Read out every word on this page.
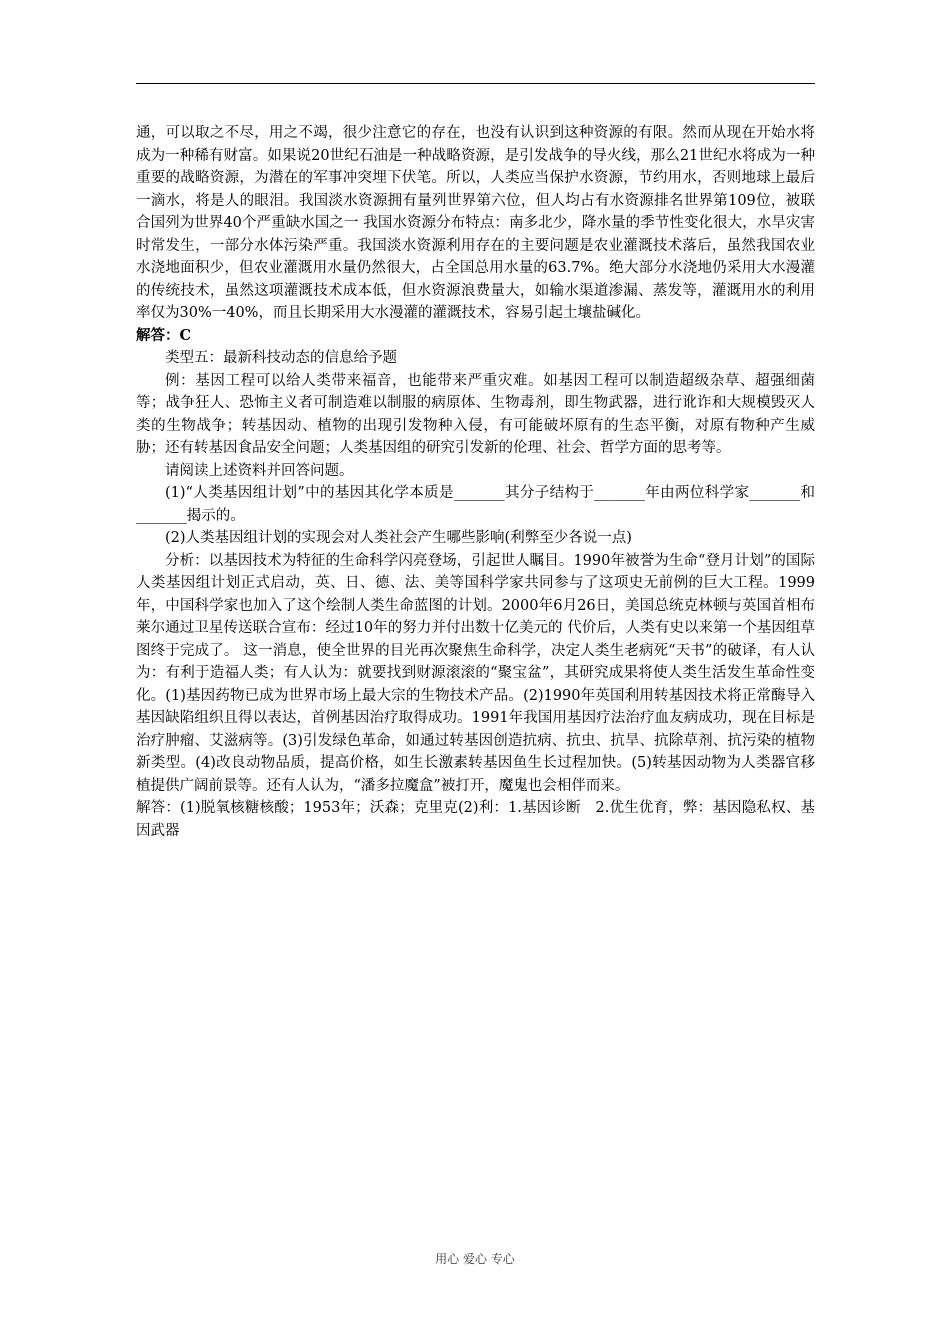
通，可以取之不尽，用之不竭，很少注意它的存在，也没有认识到这种资源的有限。然而从现在开始水将成为一种稀有财富。如果说20世纪石油是一种战略资源，是引发战争的导火线，那么21世纪水将成为一种重要的战略资源，为潜在的军事冲突埋下伏笔。所以，人类应当保护水资源，节约用水，否则地球上最后一滴水，将是人的眼泪。我国淡水资源拥有量列世界第六位，但人均占有水资源排名世界第109位，被联合国列为世界40个严重缺水国之一 我国水资源分布特点：南多北少，降水量的季节性变化很大，水旱灾害时常发生，一部分水体污染严重。我国淡水资源利用存在的主要问题是农业灌溉技术落后，虽然我国农业水浇地面积少，但农业灌溉用水量仍然很大，占全国总用水量的63.7%。绝大部分水浇地仍采用大水漫灌的传统技术，虽然这项灌溉技术成本低，但水资源浪费量大，如输水渠道渗漏、蒸发等，灌溉用水的利用率仅为30%一40%，而且长期采用大水漫灌的灌溉技术，容易引起土壤盐碱化。

解答：C

类型五：最新科技动态的信息给予题

例：基因工程可以给人类带来福音，也能带来严重灾难。如基因工程可以制造超级杂草、超强细菌等；战争狂人、恐怖主义者可制造难以制服的病原体、生物毒剂，即生物武器，进行讹诈和大规模毁灭人类的生物战争；转基因动、植物的出现引发物种入侵，有可能破坏原有的生态平衡，对原有物种产生威胁；还有转基因食品安全问题；人类基因组的研究引发新的伦理、社会、哲学方面的思考等。

请阅读上述资料并回答问题。

(1)“人类基因组计划”中的基因其化学本质是_______其分子结构于_______年由两位科学家_______和_______揭示的。

(2)人类基因组计划的实现会对人类社会产生哪些影响(利弊至少各说一点)

分析：以基因技术为特征的生命科学闪亮登场，引起世人瞩目。1990年被誉为生命“登月计划”的国际人类基因组计划正式启动，英、日、德、法、美等国科学家共同参与了这项史无前例的巨大工程。1999年，中国科学家也加入了这个绘制人类生命蓝图的计划。2000年6月26日，美国总统克林顿与英国首相布莱尔通过卫星传送联合宣布：经过10年的努力并付出数十亿美元的 代价后，人类有史以来第一个基因组草图终于完成了。 这一消息，使全世界的目光再次聚焦生命科学，决定人类生老病死“天书”的破译，有人认为：有利于造福人类；有人认为：就要找到财源滚滚的“聚宝盆”，其研究成果将使人类生活发生革命性变化。(1)基因药物已成为世界市场上最大宗的生物技术产品。(2)1990年英国利用转基因技术将正常酶导入基因缺陷组织且得以表达，首例基因治疗取得成功。1991年我国用基因疗法治疗血友病成功，现在目标是治疗肿瘤、艾滋病等。(3)引发绿色革命，如通过转基因创造抗病、抗虫、抗旱、抗除草剂、抗污染的植物新类型。(4)改良动物品质，提高价格，如生长激素转基因鱼生长过程加快。(5)转基因动物为人类器官移植提供广阔前景等。还有人认为，“潘多拉魔盒”被打开，魔鬼也会相伴而来。

解答：(1)脱氧核糖核酸；1953年；沃森；克里克(2)利：1.基因诊断　2.优生优育，弊：基因隐私权、基因武器

用心 爱心 专心
